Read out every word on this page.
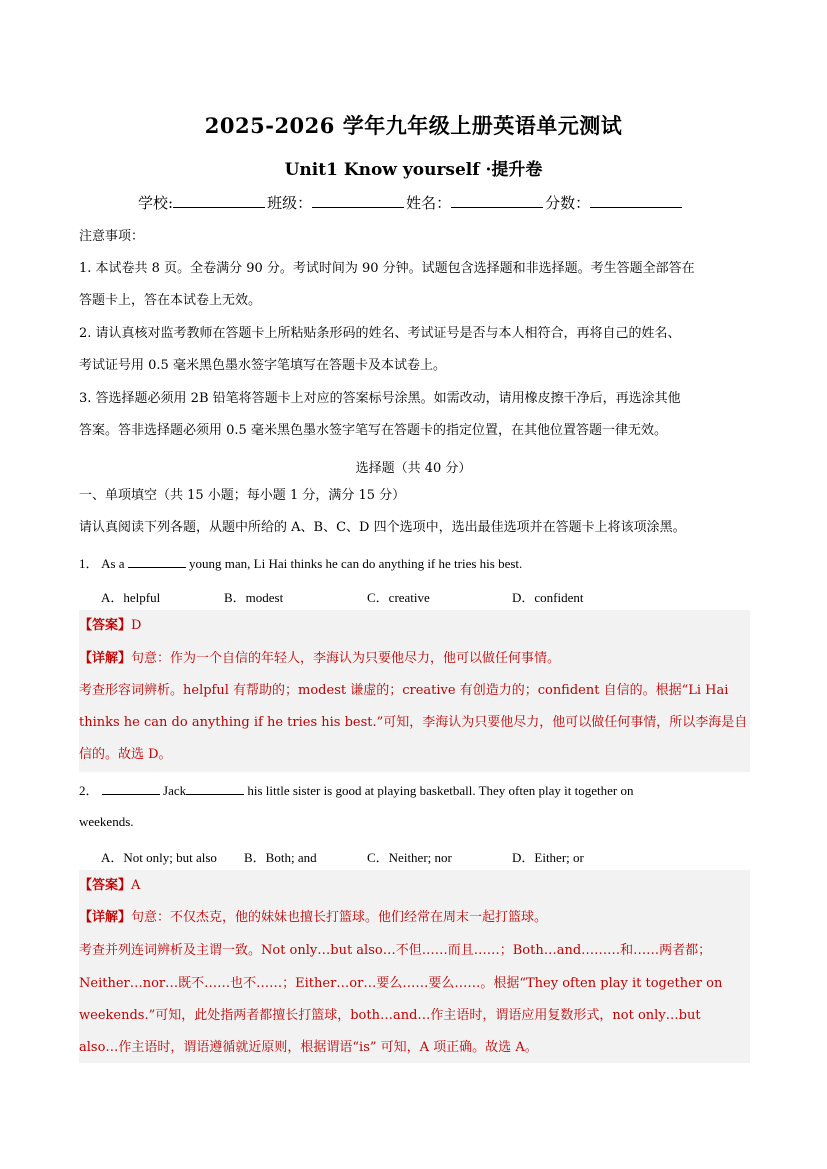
2025-2026 学年九年级上册英语单元测试
Unit1 Know yourself ·提升卷
学校:	班级：	姓名：	分数：
注意事项：
1. 本试卷共 8 页。全卷满分 90 分。考试时间为 90 分钟。试题包含选择题和非选择题。考生答题全部答在
答题卡上，答在本试卷上无效。
2. 请认真核对监考教师在答题卡上所粘贴条形码的姓名、考试证号是否与本人相符合，再将自己的姓名、
考试证号用 0.5 毫米黑色墨水签字笔填写在答题卡及本试卷上。
3. 答选择题必须用 2B 铅笔将答题卡上对应的答案标号涂黑。如需改动，请用橡皮擦干净后，再选涂其他
答案。答非选择题必须用 0.5 毫米黑色墨水签字笔写在答题卡的指定位置，在其他位置答题一律无效。
选择题（共 40 分）
一、单项填空（共 15 小题；每小题 1 分，满分 15 分）
请认真阅读下列各题，从题中所给的 A、B、C、D 四个选项中，选出最佳选项并在答题卡上将该项涂黑。
1． As a	young man, Li Hai thinks he can do anything if he tries his best.
A．helpful	B．modest	C．creative	D．confident
【答案】D
【详解】句意：作为一个自信的年轻人，李海认为只要他尽力，他可以做任何事情。
考查形容词辨析。helpful 有帮助的；modest 谦虚的；creative 有创造力的；confident 自信的。根据“Li Hai
thinks he can do anything if he tries his best.”可知，李海认为只要他尽力，他可以做任何事情，所以李海是自
信的。故选 D。
2．	Jack	his little sister is good at playing basketball. They often play it together on
weekends.
A．Not only; but also B．Both; and	C．Neither; nor	D．Either; or
【答案】A
【详解】句意：不仅杰克，他的妹妹也擅长打篮球。他们经常在周末一起打篮球。
考查并列连词辨析及主谓一致。Not only…but also…不但……而且……；Both…and………和……两者都；
Neither…nor…既不……也不……；Either…or…要么……要么……。根据“They often play it together on
weekends.”可知，此处指两者都擅长打篮球，both…and…作主语时，谓语应用复数形式，not only…but
also…作主语时，谓语遵循就近原则，根据谓语“is” 可知，A 项正确。故选 A。
